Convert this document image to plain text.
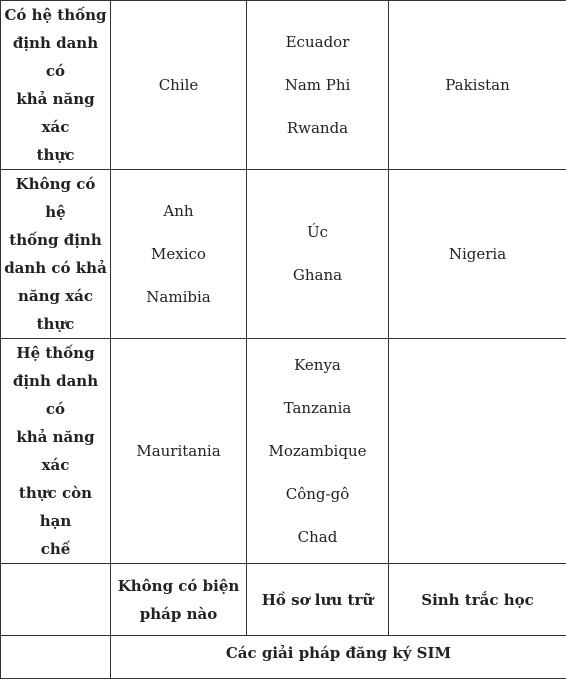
Có hệ thống
định danh có
khả năng xác
thực	Chile	Ecuador
Nam Phi
Rwanda	Pakistan

Không có hệ
thống định
danh có khả
năng xác
thực	Anh
Mexico
Namibia	Úc
Ghana	Nigeria

Hệ thống
định danh có
khả năng xác
thực còn hạn
chế	Mauritania	Kenya
Tanzania
Mozambique
Công-gô
Chad	

	Không có biện
pháp nào	Hồ sơ lưu trữ	Sinh trắc học

	Các giải pháp đăng ký SIM		
